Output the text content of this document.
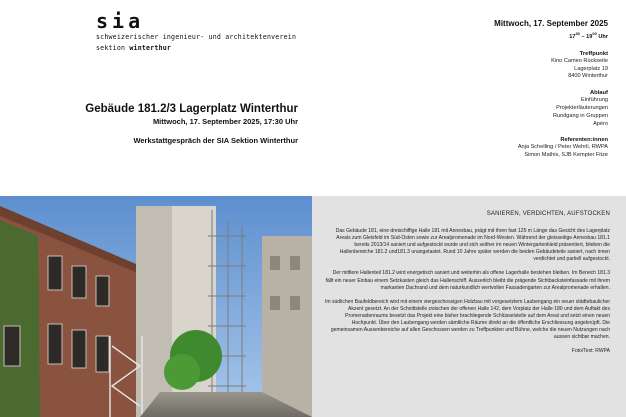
sia
schweizerischer ingenieur- und architektenverein
sektion winterthur
Gebäude 181.2/3 Lagerplatz Winterthur
Mittwoch, 17. September 2025, 17:30 Uhr
Werkstattgespräch der SIA Sektion Winterthur
Mittwoch, 17. September 2025
$17^{30} - 19^{00}$ Uhr
Treffpunkt
Kino Cameo Rückseite
Lagerplatz 19
8400 Winterthur
Ablauf
Einführung
Projekterläuterungen
Rundgang in Gruppen
Apéro
Referenten:innen
Anja Schelling / Peter Wehrli, RWPA
Simon Mathis, SJB Kempter Fitze
SANIEREN, VERDICHTEN, AUFSTOCKEN

Das Gebäude 181, eine dreischiffige Halle 181 mit Annexbau, prägt mit ihren fast 125 m Länge das Gesicht des Lagerplatz Areals zum Gleisfeld im Süd-Osten sowie zur Arealpromenade im Nord-Westen. Während der gleisseitige Annexbau 181.1 bereits 2013/14 saniert und aufgestockt wurde und sich seither im neuen Wintergartenkleid präsentiert, blieben die Hallenbereiche 181.2 und181.3 unangetastet. Rund 10 Jahre später werden die beiden Gebäudeteile saniert, nach innen verdichtet und partiell aufgestockt.

Der mittlere Hallenteil 181.2 wird energetisch saniert und weiterhin als offene Lagerhalle bestehen bleiben. Im Bereich 181.3 fällt ein neuer Einbau einem Setzkasten gleich das Hallenschiff. Ausserlich bleibt die prägende Sichtbacksteinfassade mit ihrem markanten Dachrand und dem naturkundlich wertvollen Fassadengarten zur Arealpromenade erhalten.

Im südlichen Baufeldbereich wird mit einem viergeschossigen Holzbau mit vorgesetztem Laubengang ein neuer städtebaulicher Akzent gesetzt. An der Schnittstelle zwischen der offenen Halle 142, dem Vorplatz der Halle 180 und dem Auftakt des Promenadenraums besetzt das Projekt eine bisher brachliegende Schlüsselstelle auf dem Areal und setzt einen neuen Hochpunkt. Über den Laubengang werden sämtliche Räume direkt an die öffentliche Erschliessung angeknüpft. Die gemeinsamen Aussenbereiche auf allen Geschossen werden zu Treffpunkten und Bühne, welche die neuen Nutzungen nach aussen sichtbar machen.

Foto/Text: RWPA
